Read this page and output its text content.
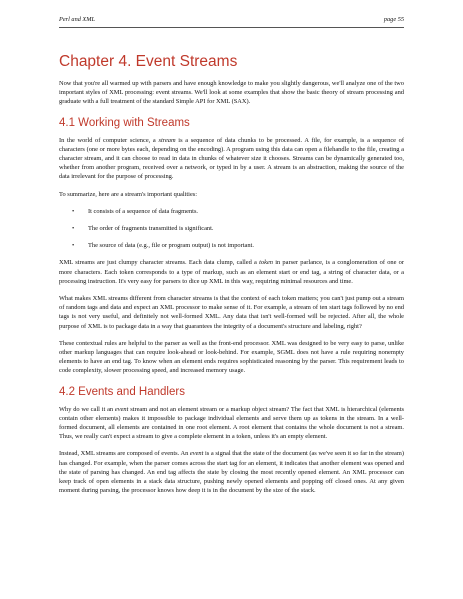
Perl and XML	page 55
Chapter 4. Event Streams

Now that you're all warmed up with parsers and have enough knowledge to make you slightly dangerous, we'll analyze one of the two important styles of XML processing: event streams. We'll look at some examples that show the basic theory of stream processing and graduate with a full treatment of the standard Simple API for XML (SAX).

4.1 Working with Streams

In the world of computer science, a stream is a sequence of data chunks to be processed. A file, for example, is a sequence of characters (one or more bytes each, depending on the encoding). A program using this data can open a filehandle to the file, creating a character stream, and it can choose to read in data in chunks of whatever size it chooses. Streams can be dynamically generated too, whether from another program, received over a network, or typed in by a user. A stream is an abstraction, making the source of the data irrelevant for the purpose of processing.

To summarize, here are a stream's important qualities:

• It consists of a sequence of data fragments.
• The order of fragments transmitted is significant.
• The source of data (e.g., file or program output) is not important.

XML streams are just clumpy character streams. Each data clump, called a token in parser parlance, is a conglomeration of one or more characters. Each token corresponds to a type of markup, such as an element start or end tag, a string of character data, or a processing instruction. It's very easy for parsers to dice up XML in this way, requiring minimal resources and time.

What makes XML streams different from character streams is that the context of each token matters; you can't just pump out a stream of random tags and data and expect an XML processor to make sense of it. For example, a stream of ten start tags followed by no end tags is not very useful, and definitely not well-formed XML. Any data that isn't well-formed will be rejected. After all, the whole purpose of XML is to package data in a way that guarantees the integrity of a document's structure and labeling, right?

These contextual rules are helpful to the parser as well as the front-end processor. XML was designed to be very easy to parse, unlike other markup languages that can require look-ahead or look-behind. For example, SGML does not have a rule requiring nonempty elements to have an end tag. To know when an element ends requires sophisticated reasoning by the parser. This requirement leads to code complexity, slower processing speed, and increased memory usage.

4.2 Events and Handlers

Why do we call it an event stream and not an element stream or a markup object stream? The fact that XML is hierarchical (elements contain other elements) makes it impossible to package individual elements and serve them up as tokens in the stream. In a well-formed document, all elements are contained in one root element. A root element that contains the whole document is not a stream. Thus, we really can't expect a stream to give a complete element in a token, unless it's an empty element.

Instead, XML streams are composed of events. An event is a signal that the state of the document (as we've seen it so far in the stream) has changed. For example, when the parser comes across the start tag for an element, it indicates that another element was opened and the state of parsing has changed. An end tag affects the state by closing the most recently opened element. An XML processor can keep track of open elements in a stack data structure, pushing newly opened elements and popping off closed ones. At any given moment during parsing, the processor knows how deep it is in the document by the size of the stack.
